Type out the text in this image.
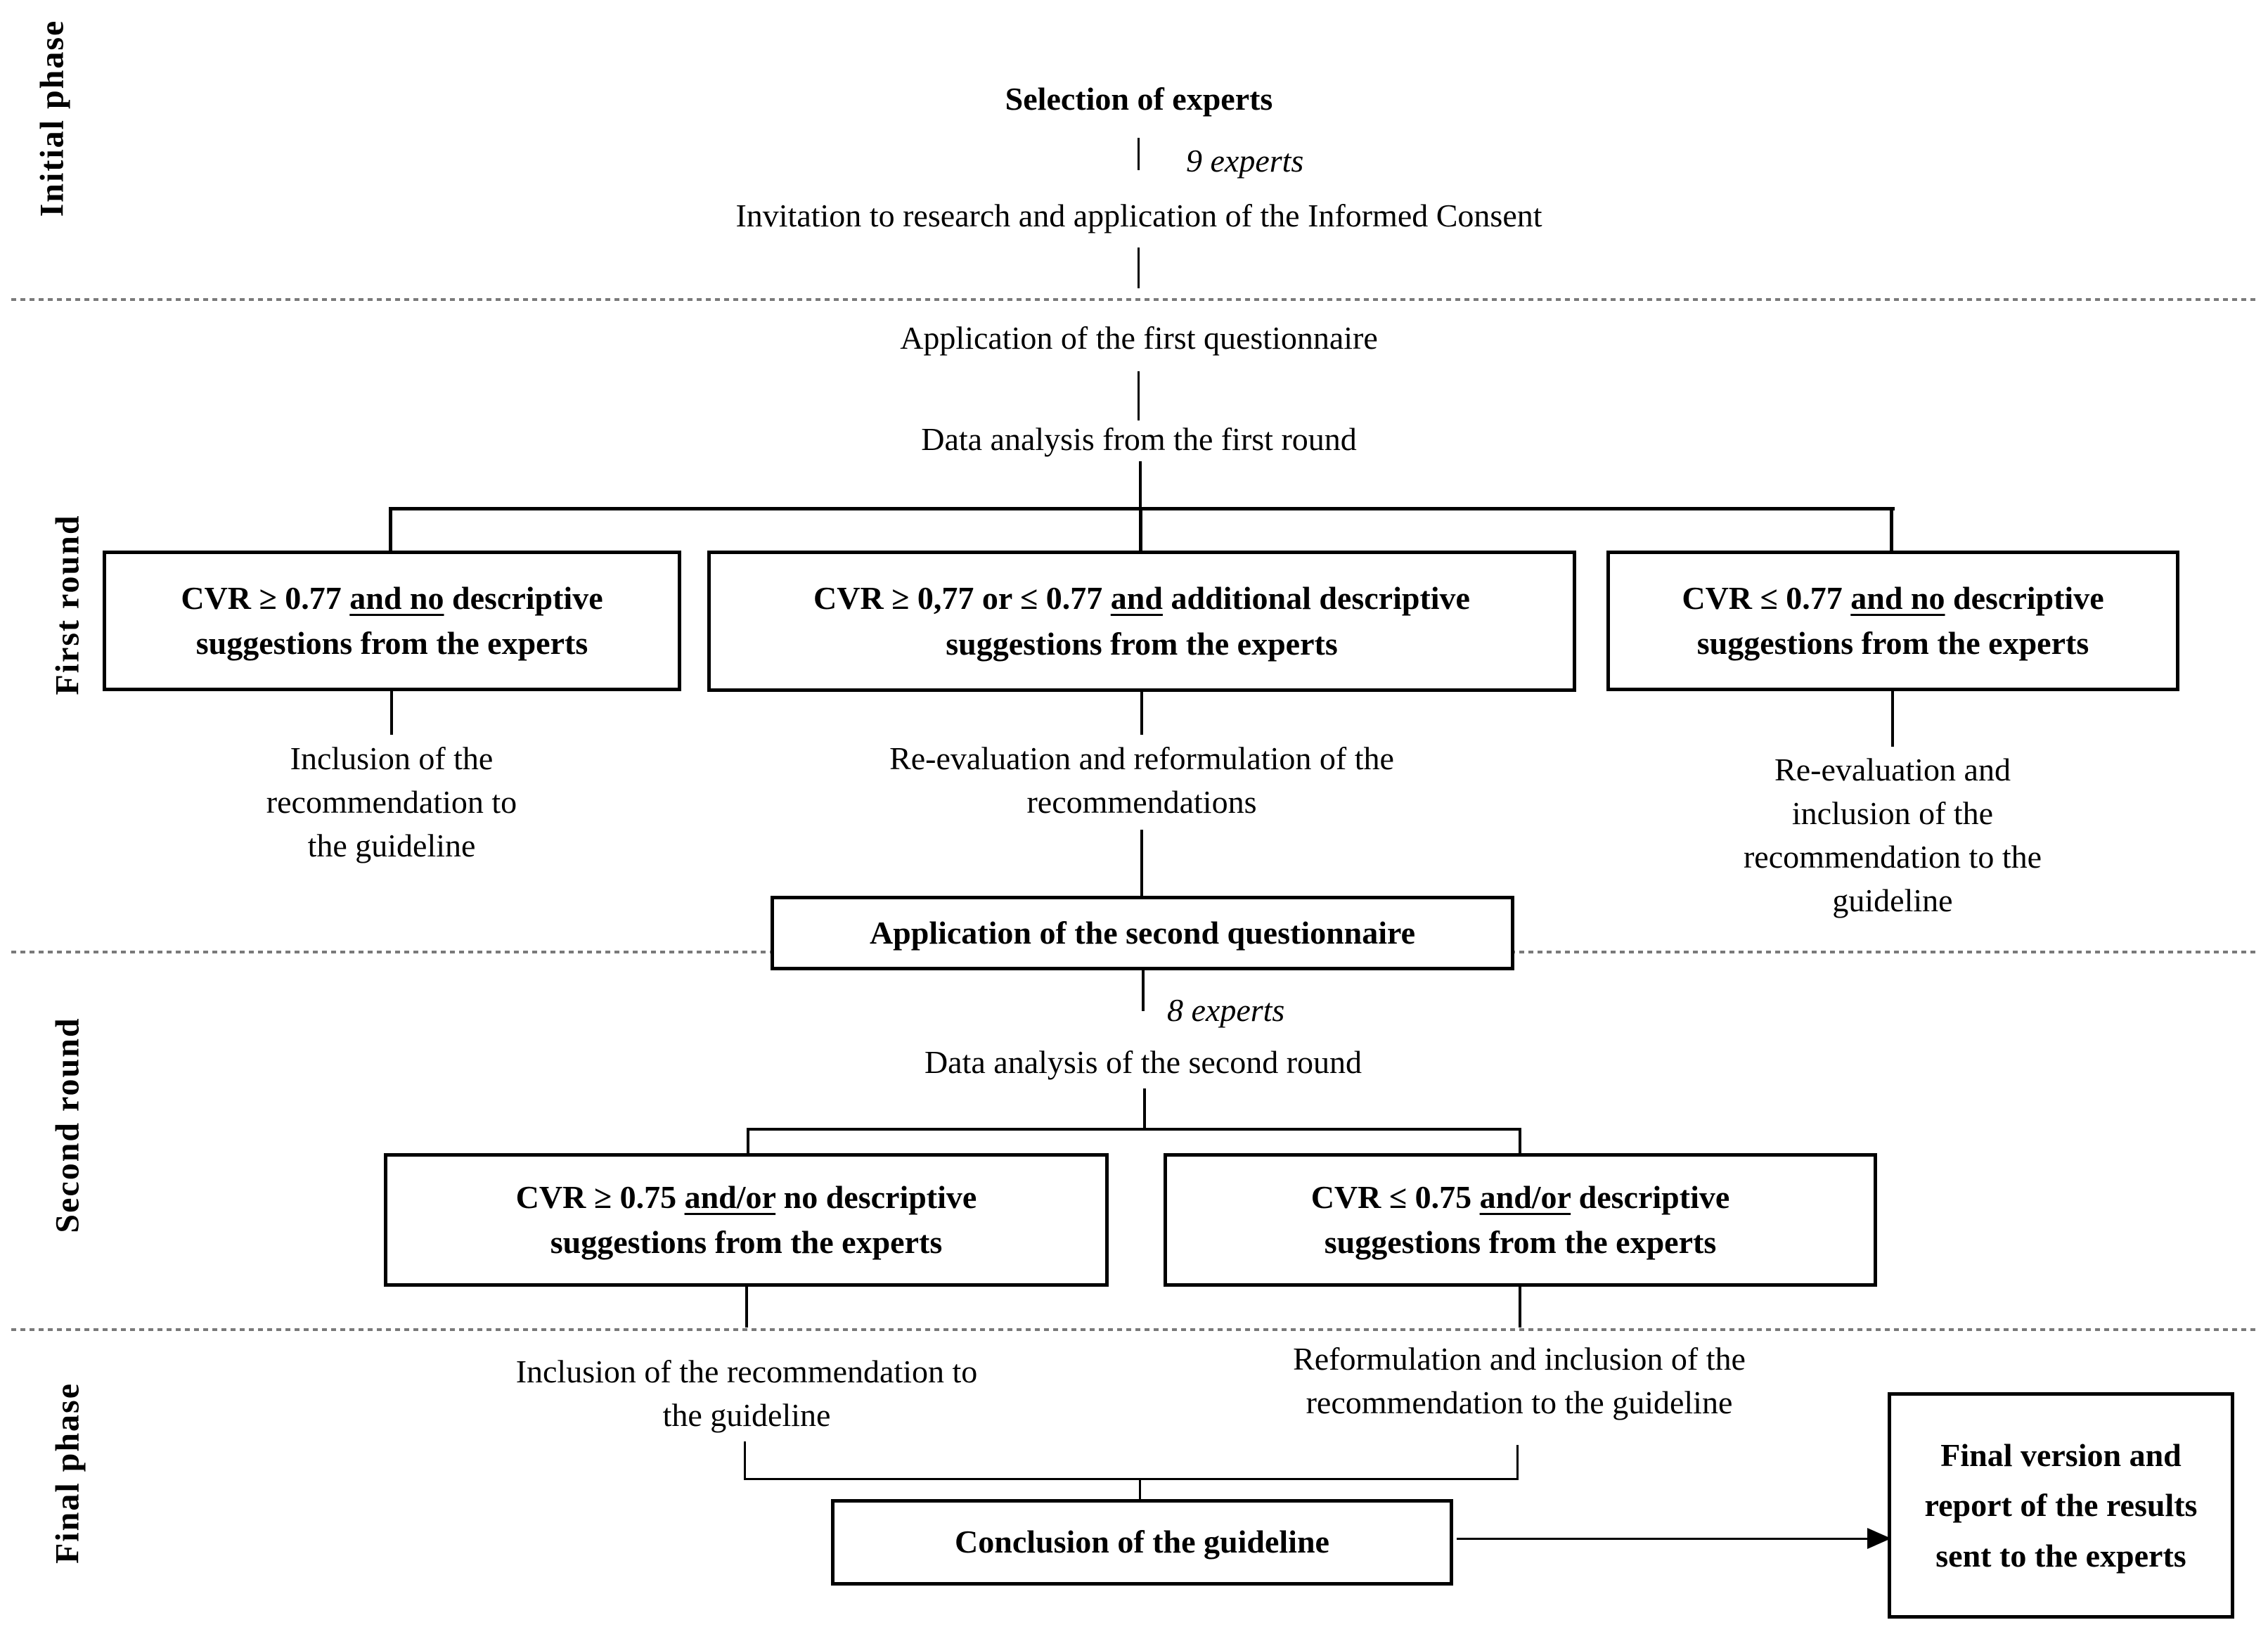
Initial phase
First round
Second round
Final phase
Selection of experts
9 experts
Invitation to research and application of the Informed Consent
Application of the first questionnaire
Data analysis from the first round
CVR ≥ 0.77 and no descriptive suggestions from the experts
CVR ≥ 0,77 or ≤ 0.77 and additional descriptive suggestions from the experts
CVR ≤ 0.77 and no descriptive suggestions from the experts
Inclusion of the recommendation to the guideline
Re-evaluation and reformulation of the recommendations
Re-evaluation and inclusion of the recommendation to the guideline
Application of the second questionnaire
8 experts
Data analysis of the second round
CVR ≥ 0.75 and/or no descriptive suggestions from the experts
CVR ≤ 0.75 and/or descriptive suggestions from the experts
Inclusion of the recommendation to the guideline
Reformulation and inclusion of the recommendation to the guideline
Conclusion of the guideline
Final version and report of the results sent to the experts
